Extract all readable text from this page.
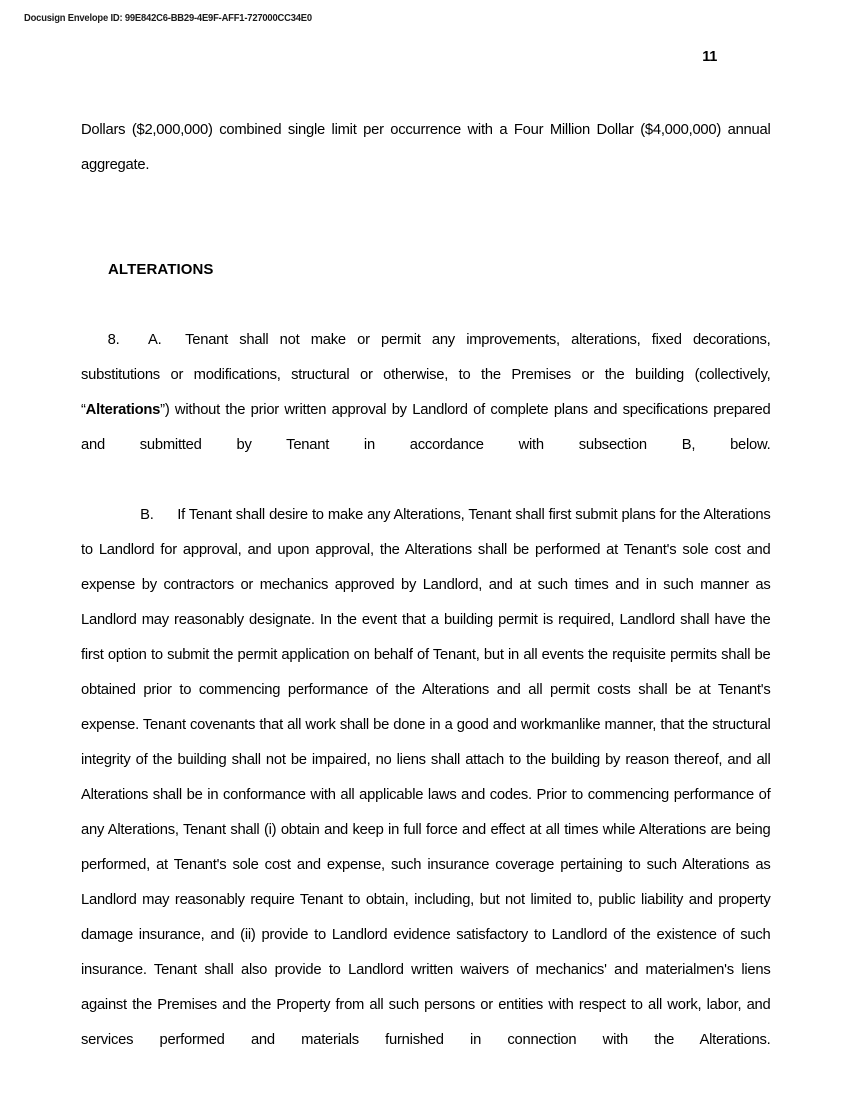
Docusign Envelope ID: 99E842C6-BB29-4E9F-AFF1-727000CC34E0
11

Dollars ($2,000,000) combined single limit per occurrence with a Four Million Dollar ($4,000,000) annual aggregate.

ALTERATIONS

8. A. Tenant shall not make or permit any improvements, alterations, fixed decorations, substitutions or modifications, structural or otherwise, to the Premises or the building (collectively, “Alterations”) without the prior written approval by Landlord of complete plans and specifications prepared and submitted by Tenant in accordance with subsection B, below.

B. If Tenant shall desire to make any Alterations, Tenant shall first submit plans for the Alterations to Landlord for approval, and upon approval, the Alterations shall be performed at Tenant's sole cost and expense by contractors or mechanics approved by Landlord, and at such times and in such manner as Landlord may reasonably designate. In the event that a building permit is required, Landlord shall have the first option to submit the permit application on behalf of Tenant, but in all events the requisite permits shall be obtained prior to commencing performance of the Alterations and all permit costs shall be at Tenant's expense. Tenant covenants that all work shall be done in a good and workmanlike manner, that the structural integrity of the building shall not be impaired, no liens shall attach to the building by reason thereof, and all Alterations shall be in conformance with all applicable laws and codes. Prior to commencing performance of any Alterations, Tenant shall (i) obtain and keep in full force and effect at all times while Alterations are being performed, at Tenant's sole cost and expense, such insurance coverage pertaining to such Alterations as Landlord may reasonably require Tenant to obtain, including, but not limited to, public liability and property damage insurance, and (ii) provide to Landlord evidence satisfactory to Landlord of the existence of such insurance. Tenant shall also provide to Landlord written waivers of mechanics' and materialmen's liens against the Premises and the Property from all such persons or entities with respect to all work, labor, and services performed and materials furnished in connection with the Alterations.
